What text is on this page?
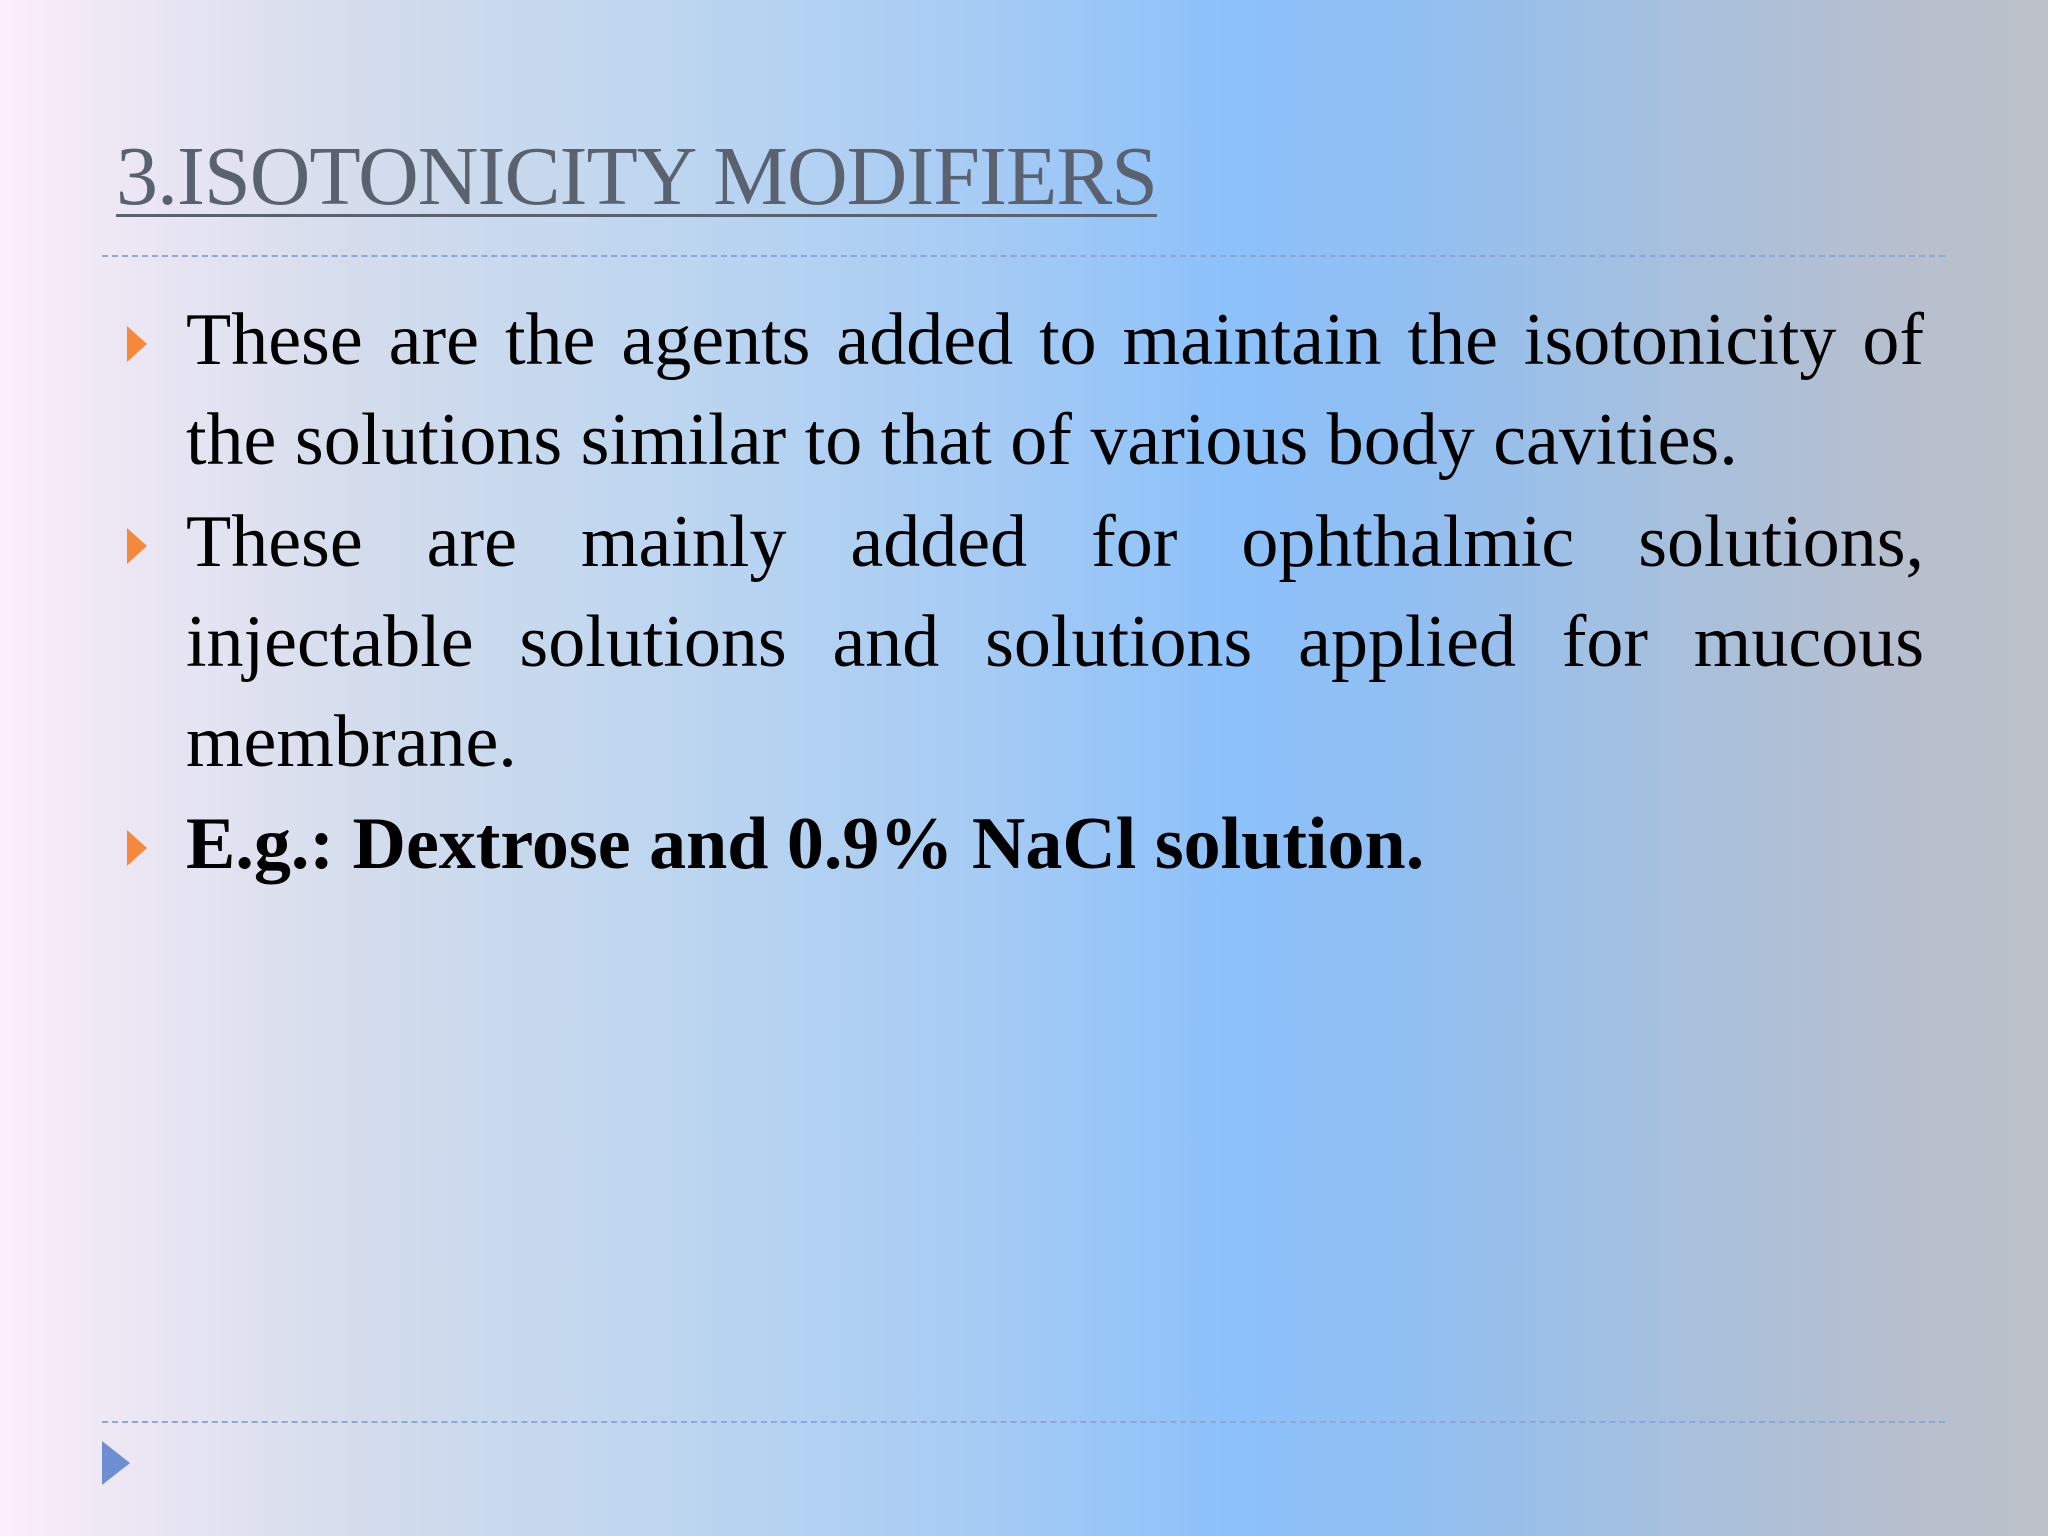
3.ISOTONICITY MODIFIERS
These are the agents added to maintain the isotonicity of the solutions similar to that of various body cavities.
These are mainly added for ophthalmic solutions, injectable solutions and solutions applied for mucous membrane.
E.g.: Dextrose and 0.9% NaCl solution.
